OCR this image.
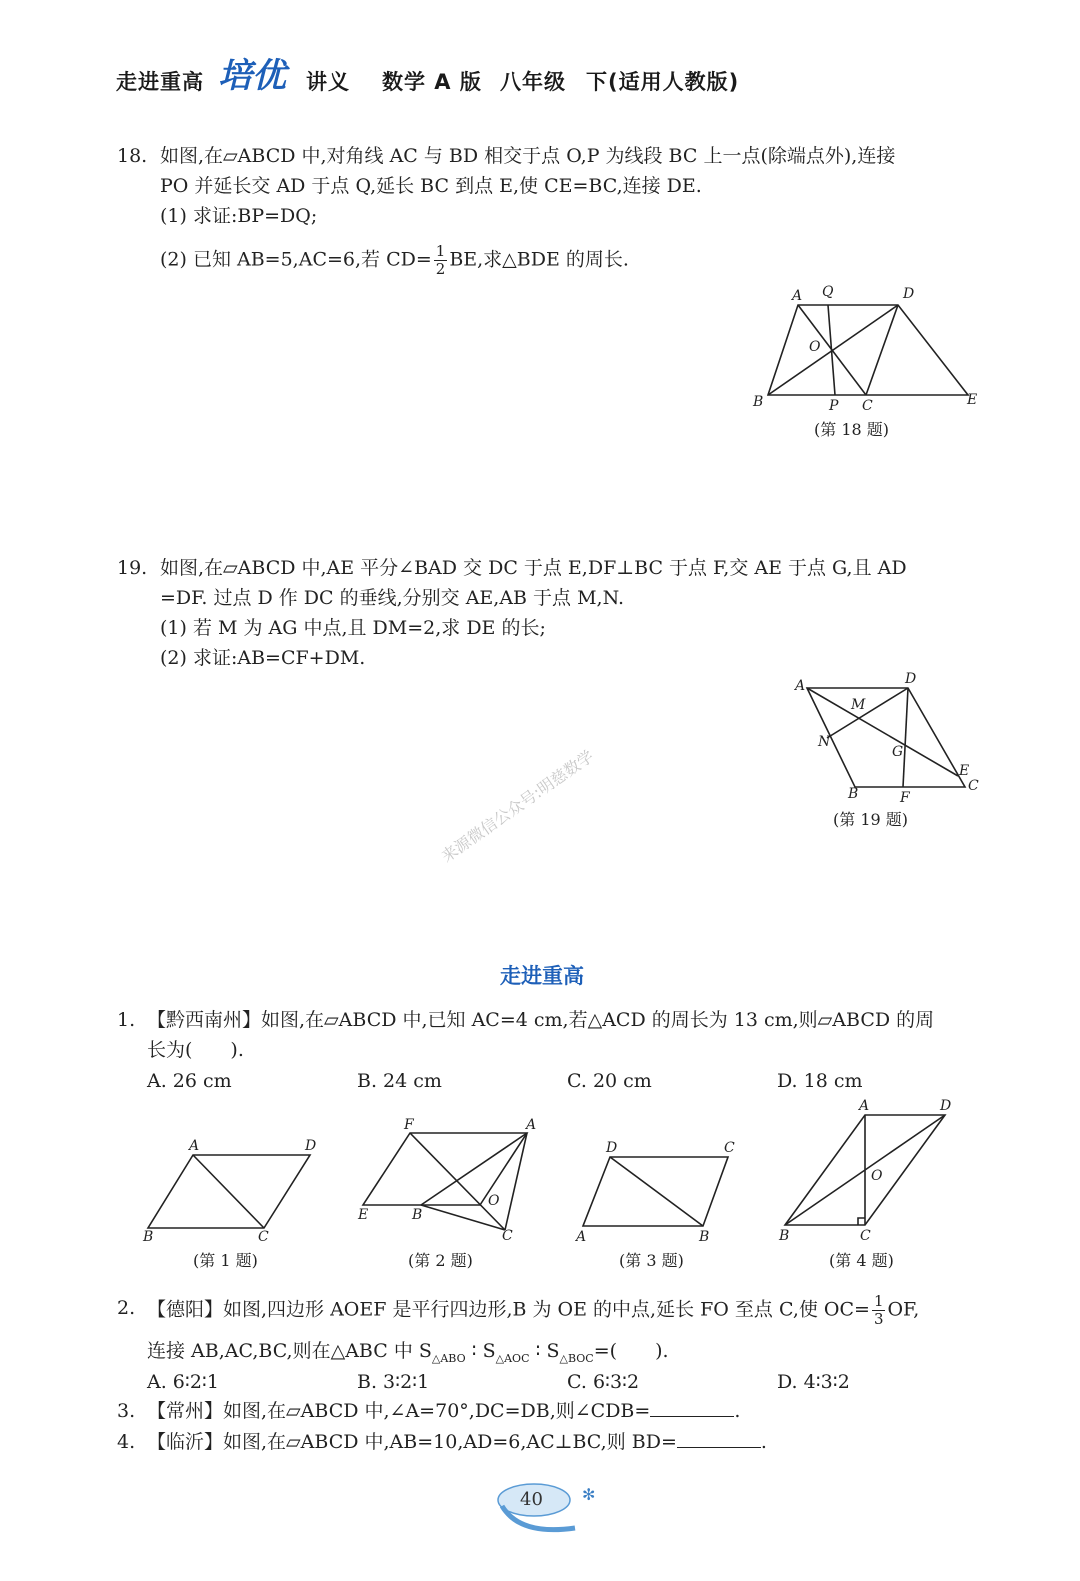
走进重高 培优 讲义 数学 A 版 八年级 下(适用人教版)
18. 如图,在▱ABCD 中,对角线 AC 与 BD 相交于点 O,P 为线段 BC 上一点(除端点外),连接
PO 并延长交 AD 于点 Q,延长 BC 到点 E,使 CE=BC,连接 DE.
(1) 求证:BP=DQ;
(2) 已知 AB=5,AC=6,若 $CD= \frac{1}{2}$ BE,求△BDE 的周长.
A Q	D
O
B	P C	E
(第 18 题)
19. 如图,在▱ABCD 中,AE 平分∠BAD 交 DC 于点 E,DF⊥BC 于点 F,交 AE 于点 G,且 AD
=DF. 过点 D 作 DC 的垂线,分别交 AE,AB 于点 M,N.
(1) 若 M 为 AG 中点,且 DM=2,求 DE 的长;
(2) 求证:AB=CF+DM.
A	D
M
N
G
E
C
B	F
(第 19 题)
来源微信公众号:明慈数学
走进重高
1. 【黔西南州】如图,在▱ABCD 中,已知 AC=4 cm,若△ACD 的周长为 13 cm,则▱ABCD 的周
长为(　　).
A. 26 cm	B. 24 cm	C. 20 cm	D. 18 cm
A	D
B	C
(第 1 题)
F	A
O
E	B
C
(第 2 题)
D	C
A	B
(第 3 题)
A	D
O
B	C
(第 4 题)
2. 【德阳】如图,四边形 AOEF 是平行四边形,B 为 OE 的中点,延长 FO 至点 C,使 $OC= \frac{1}{3}$ OF,
连接 AB,AC,BC,则在△ABC 中 $S_{\triangle ABO}$ ∶ $S_{\triangle AOC}$ ∶ $S_{\triangle BOC}=$(　　).
A. 6∶2∶1	B. 3∶2∶1	C. 6∶3∶2	D. 4∶3∶2
3. 【常州】如图,在▱ABCD 中,∠A=70°,DC=DB,则∠CDB=	.
4. 【临沂】如图,在▱ABCD 中,AB=10,AD=6,AC⊥BC,则 BD=	.
✻
40
